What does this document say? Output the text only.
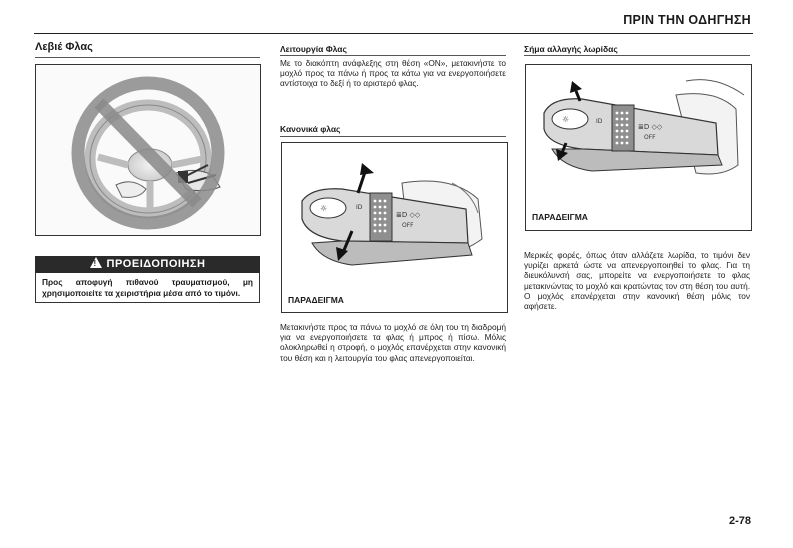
ΠΡΙΝ ΤΗΝ ΟΔΗΓΗΣΗ
Λεβιέ Φλας
! ΠΡΟΕΙΔΟΠΟΙΗΣΗ
Προς αποφυγή πιθανού τραυματισμού, μη χρησιμοποιείτε τα χειριστήρια μέσα από το τιμόνι.
Λειτουργία Φλας
Με το διακόπτη ανάφλεξης στη θέση «ON», μετακινήστε το μοχλό προς τα πάνω ή προς τα κάτω για να ενεργοποιήσετε αντίστοιχα το δεξί ή το αριστερό φλας.
Κανονικά φλας
☼
≣D ◇◇
OFF
ID
ΠΑΡΑΔΕΙΓΜΑ
Μετακινήστε προς τα πάνω το μοχλό σε όλη του τη διαδρομή για να ενεργοποιήσετε τα φλας ή μπρος ή πίσω. Μόλις ολοκληρωθεί η στροφή, ο μοχλός επανέρχεται στην κανονική του θέση και η λειτουργία του φλας απενεργοποιείται.
Σήμα αλλαγής λωρίδας
☼
≣D ◇◇
OFF
ID
ΠΑΡΑΔΕΙΓΜΑ
Μερικές φορές, όπως όταν αλλάζετε λωρίδα, το τιμόνι δεν γυρίζει αρκετά ώστε να απενεργοποιηθεί το φλας. Για τη διευκόλυνσή σας, μπορείτε να ενεργοποιήσετε το φλας μετακινώντας το μοχλό και κρατώντας τον στη θέση του αυτή. Ο μοχλός επανέρχεται στην κανονική θέση μόλις τον αφήσετε.
2-78
